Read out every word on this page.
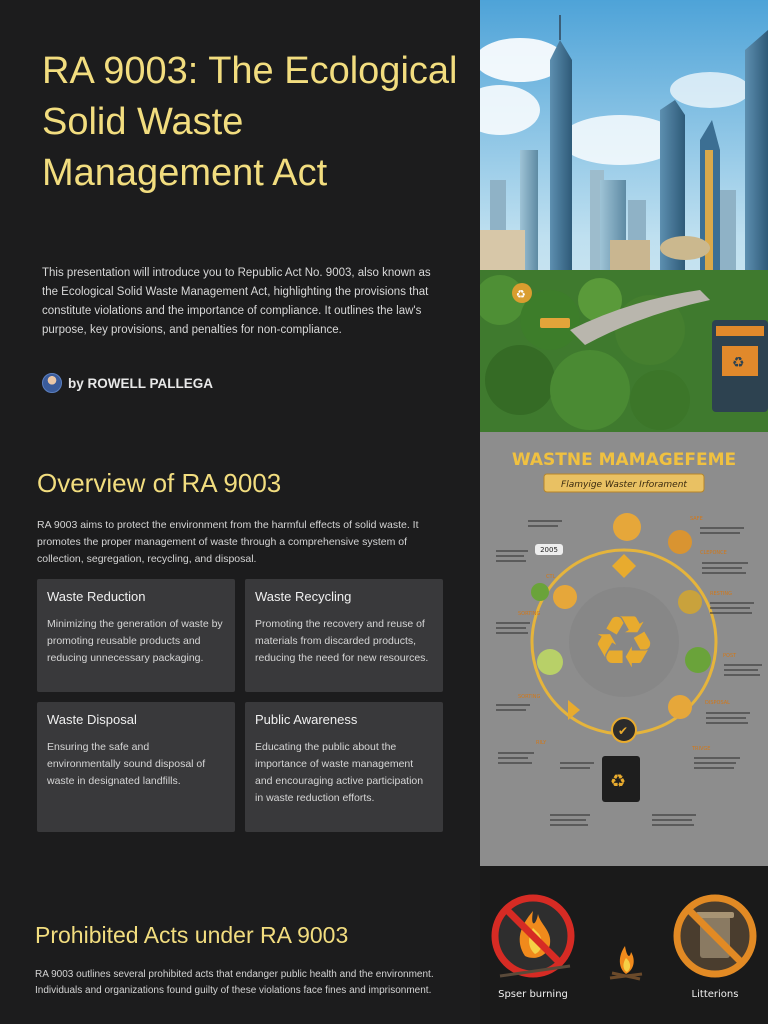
RA 9003: The Ecological Solid Waste Management Act

This presentation will introduce you to Republic Act No. 9003, also known as the Ecological Solid Waste Management Act, highlighting the provisions that constitute violations and the importance of compliance. It outlines the law's purpose, key provisions, and penalties for non-compliance.

by ROWELL PALLEGA
♻
♻
Overview of RA 9003

RA 9003 aims to protect the environment from the harmful effects of solid waste. It promotes the proper management of waste through a comprehensive system of collection, segregation, recycling, and disposal.

Waste Reduction

Minimizing the generation of waste by promoting reusable products and reducing unnecessary packaging.

Waste Recycling

Promoting the recovery and reuse of materials from discarded products, reducing the need for new resources.

Waste Disposal

Ensuring the safe and environmentally sound disposal of waste in designated landfills.

Public Awareness

Educating the public about the importance of waste management and encouraging active participation in waste reduction efforts.

WASTNE MAMAGEFEME
Flamyige Waster Irforament
♻
✔
♻
2005
SAFE
CLEPONCE
RESTING
POST
DISPOSAL
TRIVGE
SORTING
SORTING
RILY
CTL
Prohibited Acts under RA 9003

RA 9003 outlines several prohibited acts that endanger public health and the environment. Individuals and organizations found guilty of these violations face fines and imprisonment.	Spser burning	Litterions
